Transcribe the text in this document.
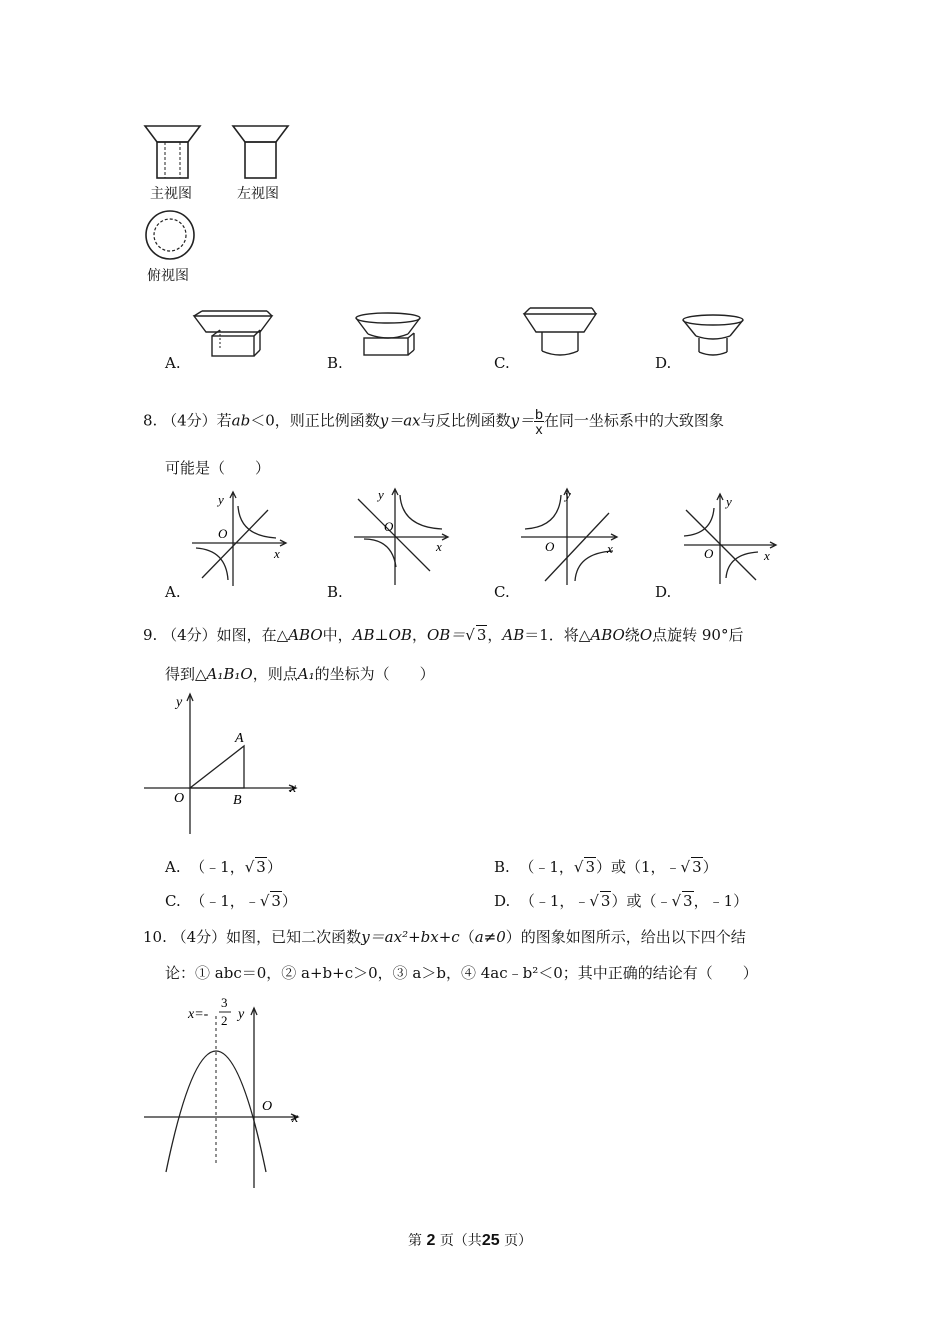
主视图	左视图
俯视图
A.	B.	C.	D.
8. （4分）若ab＜0，则正比例函数y＝ax与反比例函数$y= \frac{b}{x}$ 在同一坐标系中的大致图象
可能是（　　）
y
O
x
y
O
x
y
O	x
y
O	x
A.	B.	C.	D.
9. （4分）如图，在△ABO中，AB⊥OB，OB＝√ 3，AB＝1．将△ABO绕O点旋转 90°后
得到△A₁B₁O，则点A₁的坐标为（　　）
y
x
O
A
B
A. （﹣1，√ 3）	B. （﹣1，√ 3）或（1，﹣√ 3）
C. （﹣1，﹣√ 3）	D. （﹣1，﹣√ 3）或（﹣√ 3，﹣1）
10. （4分）如图，已知二次函数y＝ax²+bx+c（a≠0）的图象如图所示，给出以下四个结
论：① abc＝0，② a+b+c＞0，③ a＞b，④ 4ac﹣b²＜0；其中正确的结论有（　　）
x=-
3
2 y
O
x
第 2 页（共25 页）
